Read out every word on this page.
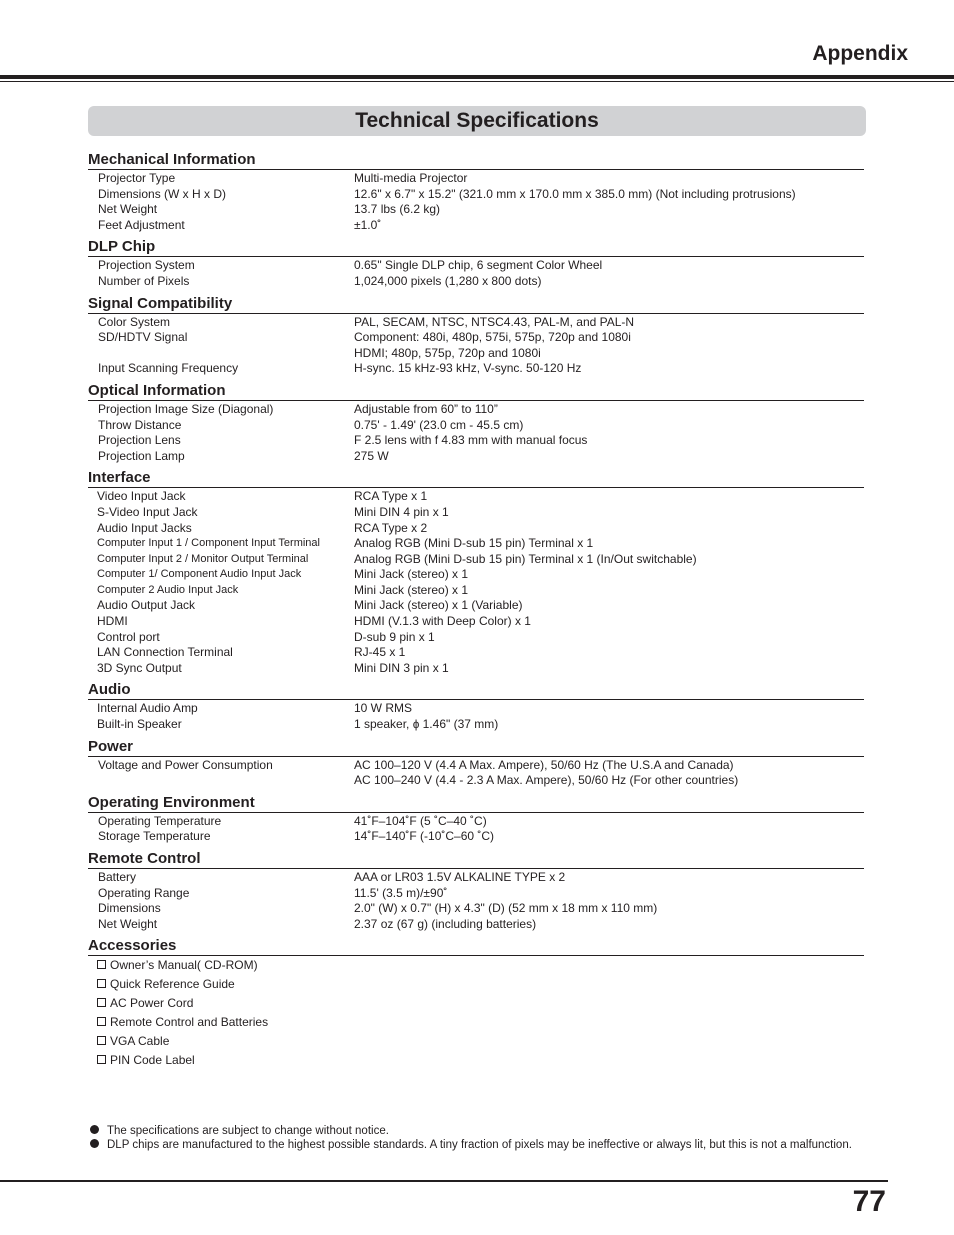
Appendix
Technical Specifications
Mechanical Information
Projector Type	Multi-media Projector
Dimensions (W x H x D)	12.6" x 6.7" x 15.2" (321.0 mm x 170.0 mm x 385.0 mm) (Not including protrusions)
Net Weight	13.7 lbs (6.2 kg)
Feet Adjustment	±1.0˚
DLP Chip
Projection System	0.65" Single DLP chip, 6 segment Color Wheel
Number of Pixels	1,024,000 pixels (1,280 x 800 dots)
Signal Compatibility
Color System	PAL, SECAM, NTSC, NTSC4.43, PAL-M, and PAL-N
SD/HDTV Signal	Component: 480i, 480p, 575i, 575p, 720p and 1080i
HDMI; 480p, 575p, 720p and 1080i
Input Scanning Frequency	H-sync. 15 kHz-93 kHz, V-sync. 50-120 Hz
Optical Information
Projection Image Size (Diagonal)	Adjustable from 60” to 110”
Throw Distance	0.75' - 1.49' (23.0 cm - 45.5 cm)
Projection Lens	F 2.5 lens with f 4.83 mm with manual focus
Projection Lamp	275 W
Interface
Video Input Jack	RCA Type x 1
S-Video Input Jack	Mini DIN 4 pin x 1
Audio Input Jacks	RCA Type x 2
Computer Input 1 / Component Input Terminal	Analog RGB (Mini D-sub 15 pin) Terminal x 1
Computer Input 2 / Monitor Output Terminal	Analog RGB (Mini D-sub 15 pin) Terminal x 1 (In/Out switchable)
Computer 1/ Component Audio Input Jack	Mini Jack (stereo) x 1
Computer 2 Audio Input Jack	Mini Jack (stereo) x 1
Audio Output Jack	Mini Jack (stereo) x 1 (Variable)
HDMI	HDMI (V.1.3 with Deep Color) x 1
Control port	D-sub 9 pin x 1
LAN Connection Terminal	RJ-45 x 1
3D Sync Output	Mini DIN 3 pin x 1
Audio
Internal Audio Amp	10 W RMS
Built-in Speaker	1 speaker, ɸ 1.46" (37 mm)
Power
Voltage and Power Consumption	AC 100–120 V (4.4 A Max. Ampere), 50/60 Hz (The U.S.A and Canada)
AC 100–240 V (4.4 - 2.3 A Max. Ampere), 50/60 Hz (For other countries)
Operating Environment
Operating Temperature	41˚F–104˚F (5 ˚C–40 ˚C)
Storage Temperature	14˚F–140˚F (-10˚C–60 ˚C)
Remote Control
Battery	AAA or LR03 1.5V ALKALINE TYPE x 2
Operating Range	11.5' (3.5 m)/±90˚
Dimensions	2.0" (W) x 0.7" (H) x 4.3" (D) (52 mm x 18 mm x 110 mm)
Net Weight	2.37 oz (67 g) (including batteries)
Accessories
Owner’s Manual( CD-ROM)
Quick Reference Guide
AC Power Cord
Remote Control and Batteries
VGA Cable
PIN Code Label
The specifications are subject to change without notice.
DLP chips are manufactured to the highest possible standards. A tiny fraction of pixels may be ineffective or always lit, but this is not a malfunction.
77
